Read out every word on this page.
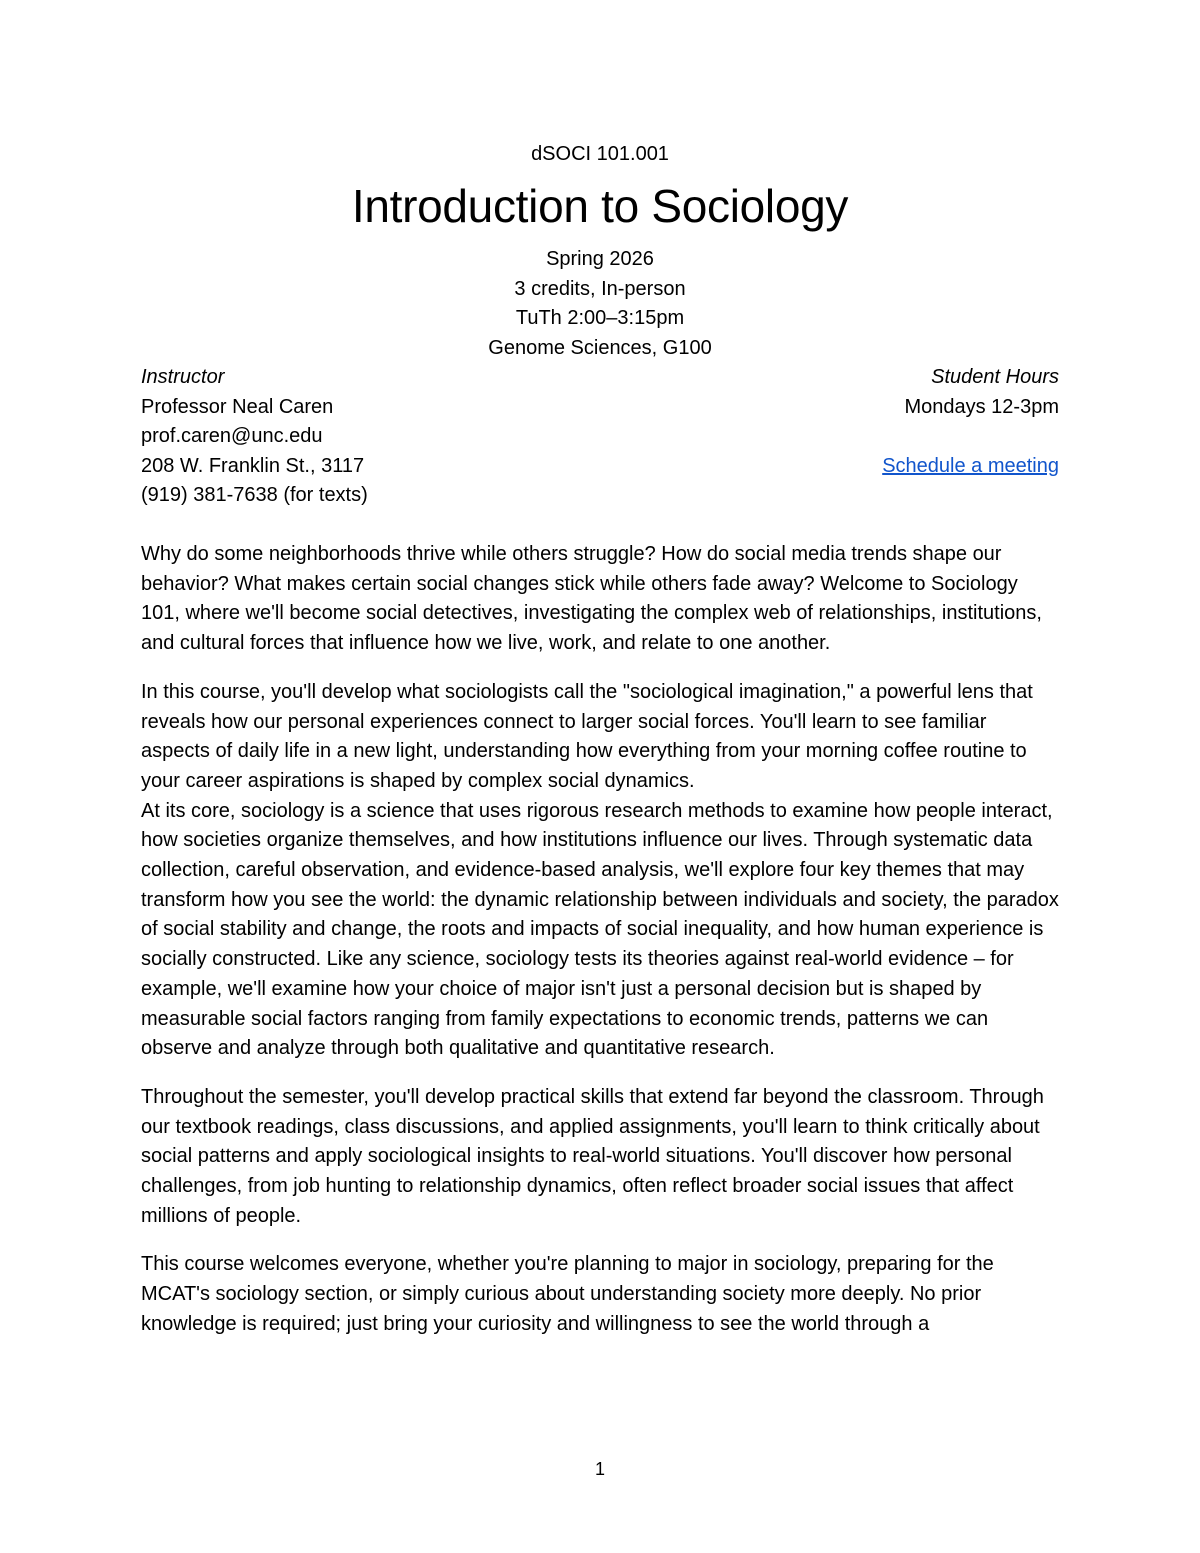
dSOCI 101.001

Introduction to Sociology

Spring 2026

3 credits, In-person

TuTh 2:00–3:15pm

Genome Sciences, G100

Instructor
Professor Neal Caren
prof.caren@unc.edu
208 W. Franklin St., 3117
(919) 381-7638 (for texts)
Student Hours
Mondays 12-3pm
Schedule a meeting

Why do some neighborhoods thrive while others struggle? How do social media trends shape our behavior? What makes certain social changes stick while others fade away? Welcome to Sociology 101, where we'll become social detectives, investigating the complex web of relationships, institutions, and cultural forces that influence how we live, work, and relate to one another.

In this course, you'll develop what sociologists call the "sociological imagination," a powerful lens that reveals how our personal experiences connect to larger social forces. You'll learn to see familiar aspects of daily life in a new light, understanding how everything from your morning coffee routine to your career aspirations is shaped by complex social dynamics.

At its core, sociology is a science that uses rigorous research methods to examine how people interact, how societies organize themselves, and how institutions influence our lives. Through systematic data collection, careful observation, and evidence-based analysis, we'll explore four key themes that may transform how you see the world: the dynamic relationship between individuals and society, the paradox of social stability and change, the roots and impacts of social inequality, and how human experience is socially constructed. Like any science, sociology tests its theories against real-world evidence – for example, we'll examine how your choice of major isn't just a personal decision but is shaped by measurable social factors ranging from family expectations to economic trends, patterns we can observe and analyze through both qualitative and quantitative research.

Throughout the semester, you'll develop practical skills that extend far beyond the classroom. Through our textbook readings, class discussions, and applied assignments, you'll learn to think critically about social patterns and apply sociological insights to real-world situations. You'll discover how personal challenges, from job hunting to relationship dynamics, often reflect broader social issues that affect millions of people.

This course welcomes everyone, whether you're planning to major in sociology, preparing for the MCAT's sociology section, or simply curious about understanding society more deeply. No prior knowledge is required; just bring your curiosity and willingness to see the world through a

1
